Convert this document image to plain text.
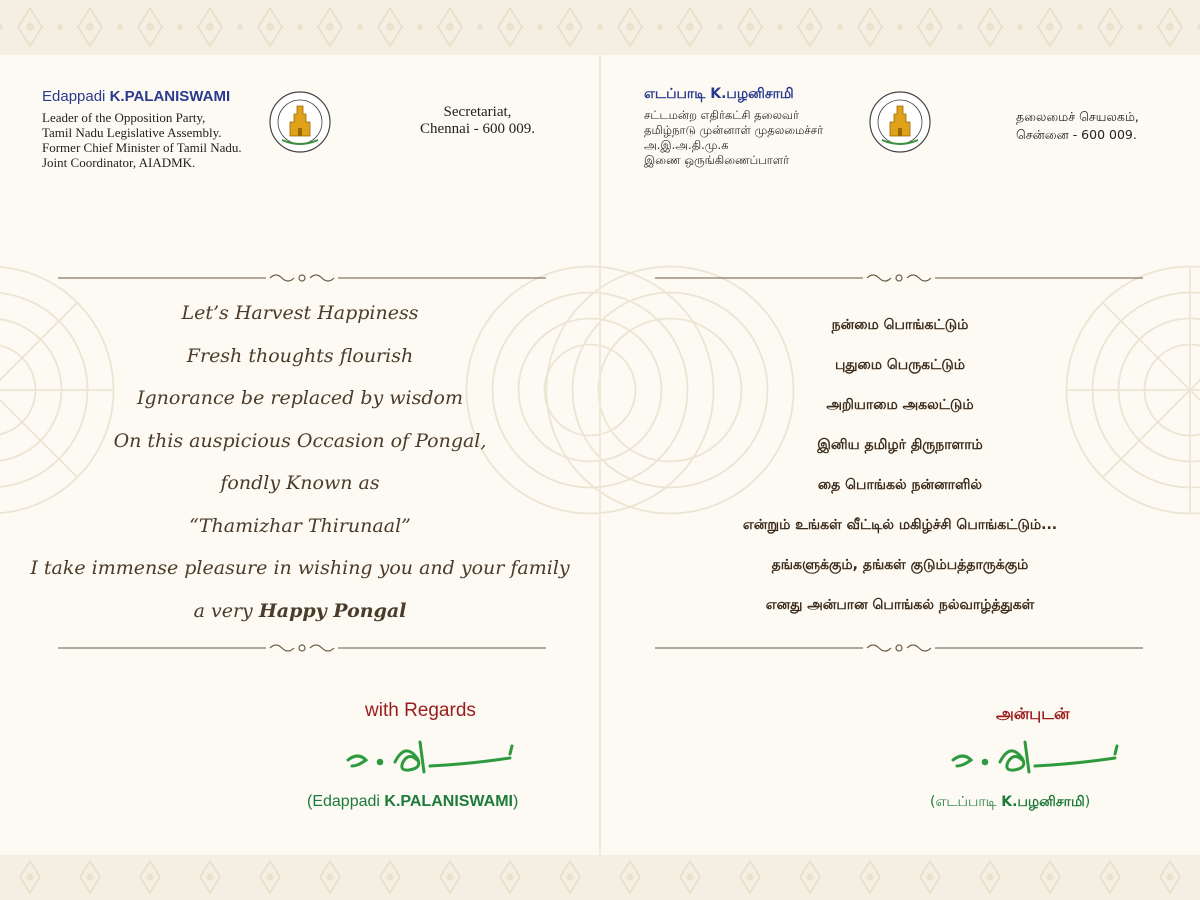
Edappadi K.PALANISWAMI
Leader of the Opposition Party,
Tamil Nadu Legislative Assembly.
Former Chief Minister of Tamil Nadu.
Joint Coordinator, AIADMK.
Secretariat,
Chennai - 600 009.
Let’s Harvest Happiness
Fresh thoughts flourish
Ignorance be replaced by wisdom
On this auspicious Occasion of Pongal,
fondly Known as
“Thamizhar Thirunaal”
I take immense pleasure in wishing you and your family
a very Happy Pongal
with Regards
(Edappadi K.PALANISWAMI)
எடப்பாடி K.பழனிசாமி
சட்டமன்ற எதிர்கட்சி தலைவர்
தமிழ்நாடு முன்னாள் முதலமைச்சர்
அ.இ.அ.தி.மு.க
இணை ஒருங்கிணைப்பாளர்
தலைமைச் செயலகம்,
சென்னை - 600 009.
நன்மை பொங்கட்டும்
புதுமை பெருகட்டும்
அறியாமை அகலட்டும்
இனிய தமிழர் திருநாளாம்
தை பொங்கல் நன்னாளில்
என்றும் உங்கள் வீட்டில் மகிழ்ச்சி பொங்கட்டும்...
தங்களுக்கும், தங்கள் குடும்பத்தாருக்கும்
எனது அன்பான பொங்கல் நல்வாழ்த்துகள்
அன்புடன்
(எடப்பாடி K.பழனிசாமி)
